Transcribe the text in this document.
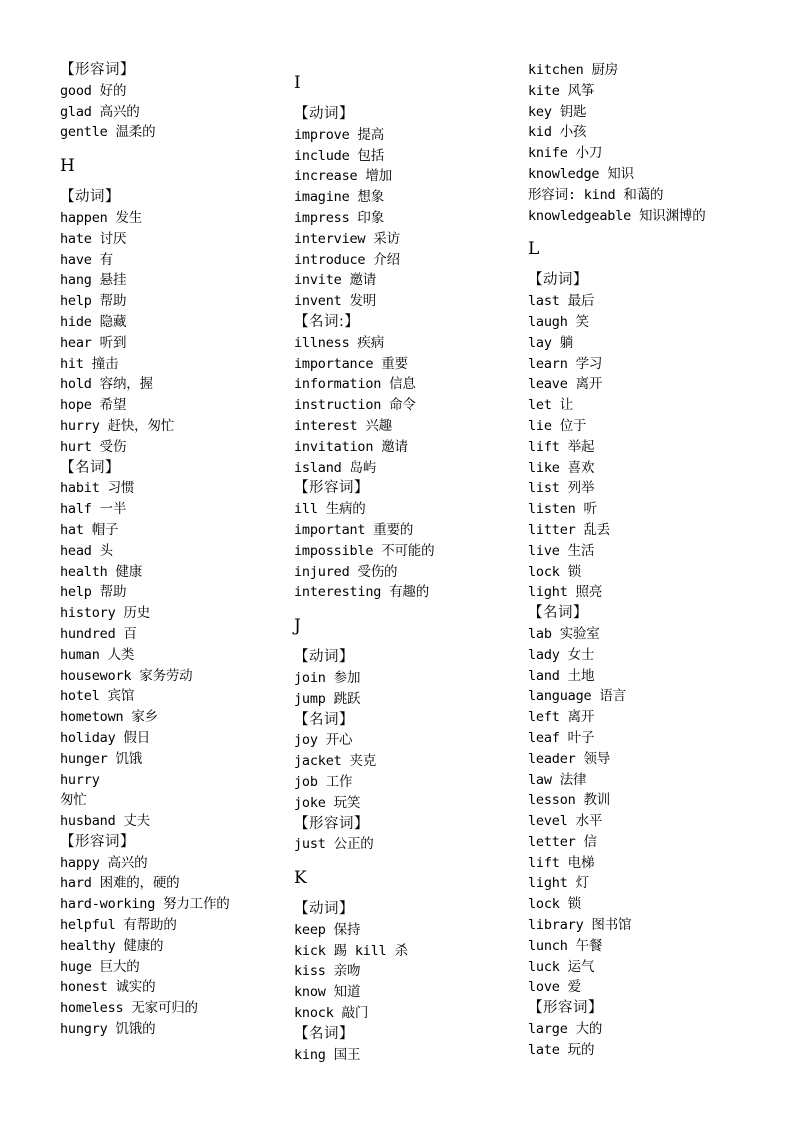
【形容词】
good 好的
glad 高兴的
gentle 温柔的
H
【动词】
happen 发生
hate 讨厌
have 有
hang 悬挂
help 帮助
hide 隐藏
hear 听到
hit 撞击
hold 容纳，握
hope 希望
hurry 赶快，匆忙
hurt 受伤
【名词】
habit 习惯
half 一半
hat 帽子
head 头
health 健康
help 帮助
history 历史
hundred 百
human 人类
housework 家务劳动
hotel 宾馆
hometown 家乡
holiday 假日
hunger 饥饿
hurry
匆忙
husband 丈夫
【形容词】
happy 高兴的
hard 困难的，硬的
hard-working 努力工作的
helpful 有帮助的
healthy 健康的
huge 巨大的
honest 诚实的
homeless 无家可归的
hungry 饥饿的
I
【动词】
improve 提高
include 包括
increase 增加
imagine 想象
impress 印象
interview 采访
introduce 介绍
invite 邀请
invent 发明
【名词:】
illness 疾病
importance 重要
information 信息
instruction 命令
interest 兴趣
invitation 邀请
island 岛屿
【形容词】
ill 生病的
important 重要的
impossible 不可能的
injured 受伤的
interesting 有趣的
J
【动词】
join 参加
jump 跳跃
【名词】
joy 开心
jacket 夹克
job 工作
joke 玩笑
【形容词】
just 公正的
K
【动词】
keep 保持
kick 踢 kill 杀
kiss 亲吻
know 知道
knock 敲门
【名词】
king 国王
kitchen 厨房
kite 风筝
key 钥匙
kid 小孩
knife 小刀
knowledge 知识
形容词: kind 和蔼的
knowledgeable 知识渊博的
L
【动词】
last 最后
laugh 笑
lay 躺
learn 学习
leave 离开
let 让
lie 位于
lift 举起
like 喜欢
list 列举
listen 听
litter 乱丢
live 生活
lock 锁
light 照亮
【名词】
lab 实验室
lady 女士
land 土地
language 语言
left 离开
leaf 叶子
leader 领导
law 法律
lesson 教训
level 水平
letter 信
lift 电梯
light 灯
lock 锁
library 图书馆
lunch 午餐
luck 运气
love 爱
【形容词】
large 大的
late 玩的
